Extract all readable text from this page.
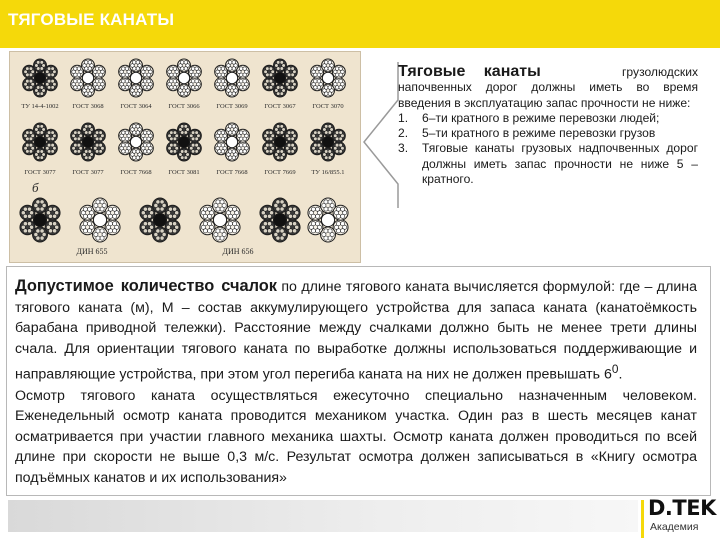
ТЯГОВЫЕ КАНАТЫ
ТУ 14-4-1002
ГОСТ 3077
ГОСТ 3068
ГОСТ 3077
ГОСТ 3064
ГОСТ 7668
ГОСТ 3066
ГОСТ 3081
ГОСТ 3069
ГОСТ 7668
ГОСТ 3067
ГОСТ 7669
ГОСТ 3070
ТУ 16/855.1
ДИН 655	ДИН 656
б
Тяговые канаты	грузолюдских
напочвенных дорог должны иметь во время введения в эксплуатацию запас прочности не ниже:
1.	6–ти кратного в режиме перевозки людей;
2.	5–ти кратного в режиме перевозки грузов
3.	Тяговые канаты грузовых надпочвенных дорог должны иметь запас прочности не ниже 5 – кратного.
Допустимое количество счалок по длине тягового каната вычисляется формулой: где – длина тягового каната (м), М – состав аккумулирующего устройства для запаса каната (канатоёмкость барабана приводной тележки). Расстояние между счалками должно быть не менее трети длины счала. Для ориентации тягового каната по выработке должны использоваться поддерживающие и направляющие устройства, при этом угол перегиба каната на них не должен превышать $6^0$.
Осмотр тягового каната осуществляться ежесуточно специально назначенным человеком. Еженедельный осмотр каната проводится механиком участка. Один раз в шесть месяцев канат осматривается при участии главного механика шахты. Осмотр каната должен проводиться по всей длине при скорости не выше 0,3 м/с. Результат осмотра должен записываться в «Книгу осмотра подъёмных канатов и их использования»
D.TEK
Академия
